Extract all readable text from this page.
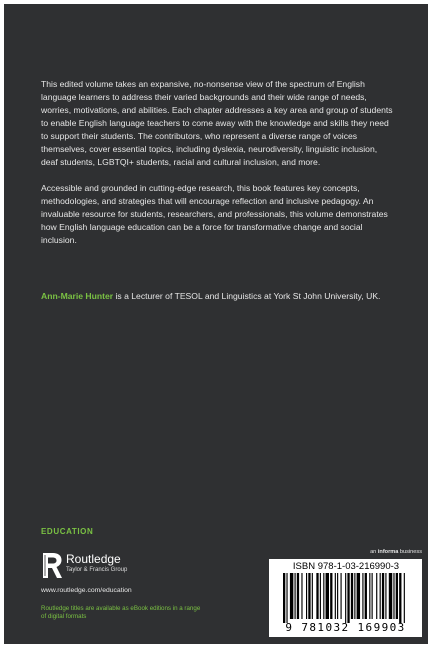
This edited volume takes an expansive, no-nonsense view of the spectrum of English language learners to address their varied backgrounds and their wide range of needs, worries, motivations, and abilities. Each chapter addresses a key area and group of students to enable English language teachers to come away with the knowledge and skills they need to support their students. The contributors, who represent a diverse range of voices themselves, cover essential topics, including dyslexia, neurodiversity, linguistic inclusion, deaf students, LGBTQI+ students, racial and cultural inclusion, and more.

Accessible and grounded in cutting-edge research, this book features key concepts, methodologies, and strategies that will encourage reflection and inclusive pedagogy. An invaluable resource for students, researchers, and professionals, this volume demonstrates how English language education can be a force for transformative change and social inclusion.

Ann-Marie Hunter is a Lecturer of TESOL and Linguistics at York St John University, UK.
EDUCATION
Routledge
Taylor & Francis Group
www.routledge.com/education
Routledge titles are available as eBook editions in a range of digital formats
an informa business
ISBN 978-1-03-216990-3
9 781032 169903
